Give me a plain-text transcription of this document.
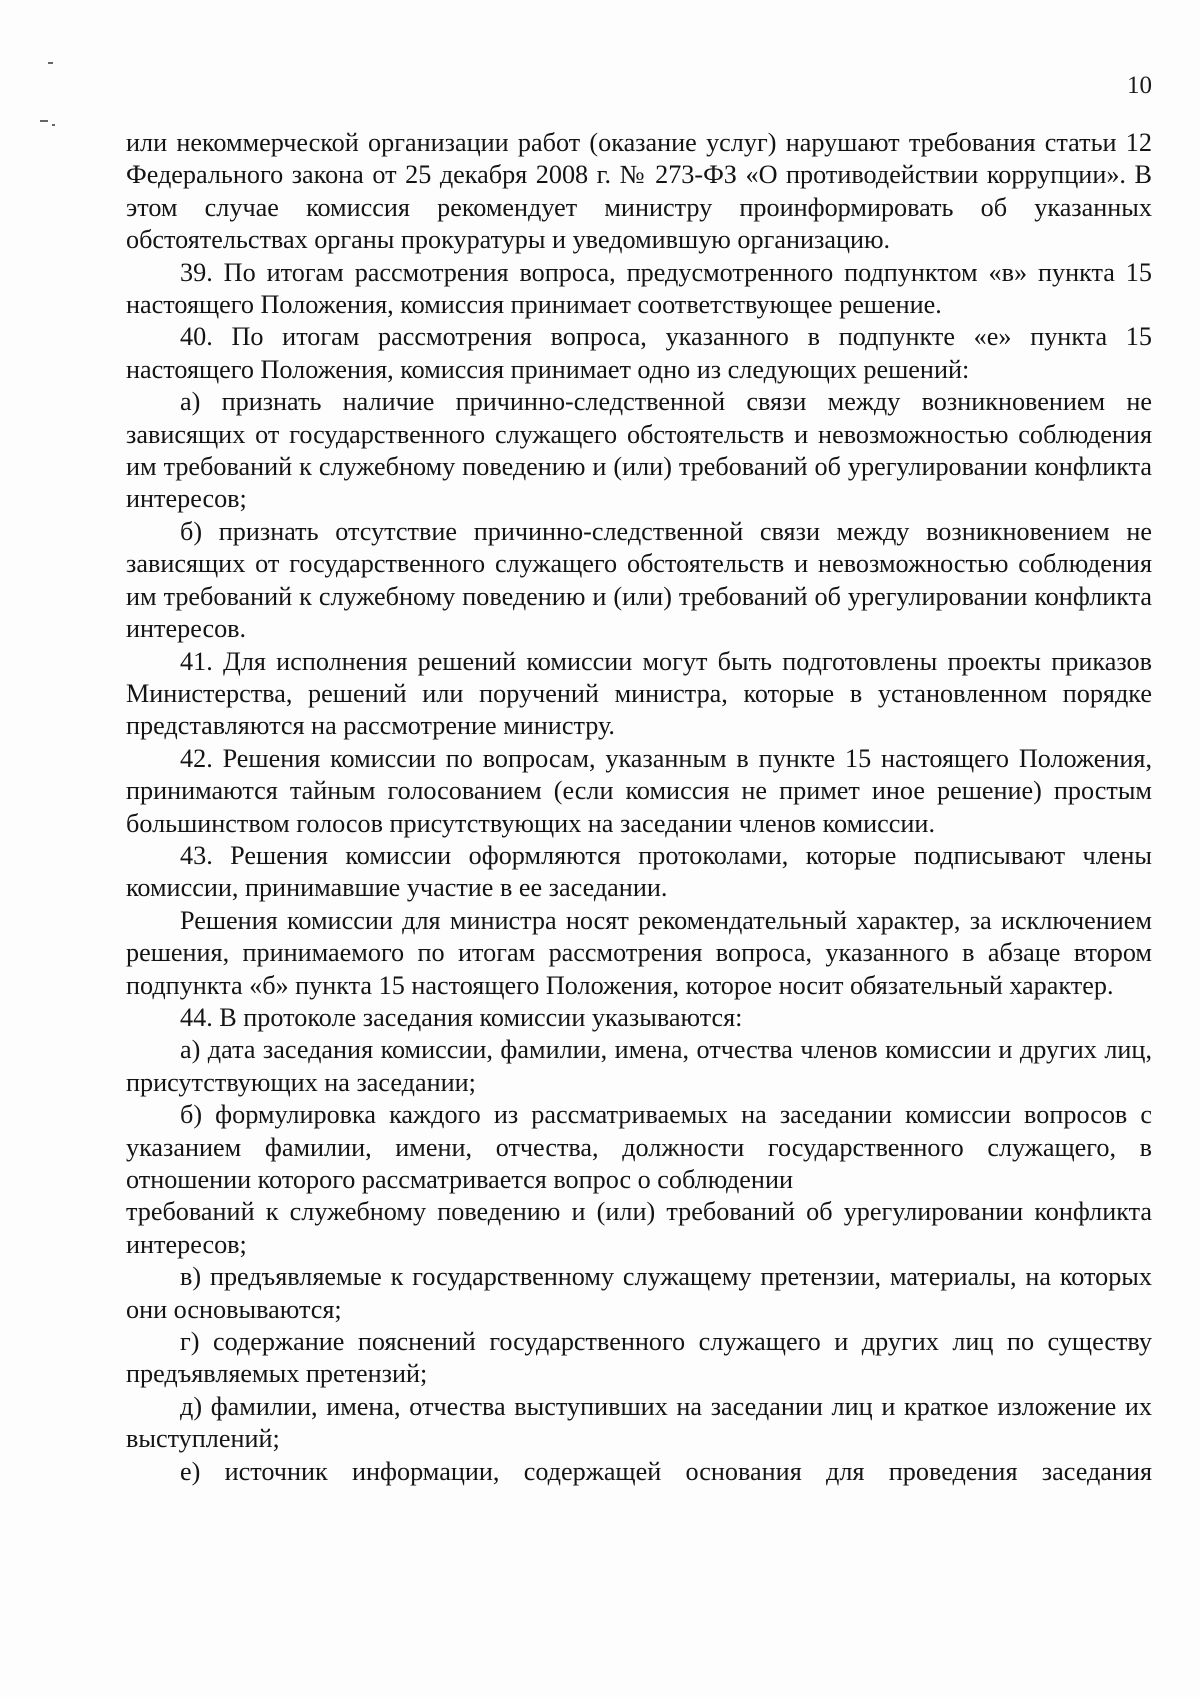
10

или некоммерческой организации работ (оказание услуг) нарушают требования статьи 12 Федерального закона от 25 декабря 2008 г. № 273-ФЗ «О противодействии коррупции». В этом случае комиссия рекомендует министру проинформировать об указанных обстоятельствах органы прокуратуры и уведомившую организацию.

39. По итогам рассмотрения вопроса, предусмотренного подпунктом «в» пункта 15 настоящего Положения, комиссия принимает соответствующее решение.

40. По итогам рассмотрения вопроса, указанного в подпункте «е» пункта 15 настоящего Положения, комиссия принимает одно из следующих решений:

а) признать наличие причинно-следственной связи между возникновением не зависящих от государственного служащего обстоятельств и невозможностью соблюдения им требований к служебному поведению и (или) требований об урегулировании конфликта интересов;

б) признать отсутствие причинно-следственной связи между возникновением не зависящих от государственного служащего обстоятельств и невозможностью соблюдения им требований к служебному поведению и (или) требований об урегулировании конфликта интересов.

41. Для исполнения решений комиссии могут быть подготовлены проекты приказов Министерства, решений или поручений министра, которые в установленном порядке представляются на рассмотрение министру.

42. Решения комиссии по вопросам, указанным в пункте 15 настоящего Положения, принимаются тайным голосованием (если комиссия не примет иное решение) простым большинством голосов присутствующих на заседании членов комиссии.

43. Решения комиссии оформляются протоколами, которые подписывают члены комиссии, принимавшие участие в ее заседании.

Решения комиссии для министра носят рекомендательный характер, за исключением решения, принимаемого по итогам рассмотрения вопроса, указанного в абзаце втором подпункта «б» пункта 15 настоящего Положения, которое носит обязательный характер.

44. В протоколе заседания комиссии указываются:

а) дата заседания комиссии, фамилии, имена, отчества членов комиссии и других лиц, присутствующих на заседании;

б) формулировка каждого из рассматриваемых на заседании комиссии вопросов с указанием фамилии, имени, отчества, должности государственного служащего, в отношении которого рассматривается вопрос о соблюдении

требований к служебному поведению и (или) требований об урегулировании конфликта интересов;

в) предъявляемые к государственному служащему претензии, материалы, на которых они основываются;

г) содержание пояснений государственного служащего и других лиц по существу предъявляемых претензий;

д) фамилии, имена, отчества выступивших на заседании лиц и краткое изложение их выступлений;

е) источник информации, содержащей основания для проведения заседания
